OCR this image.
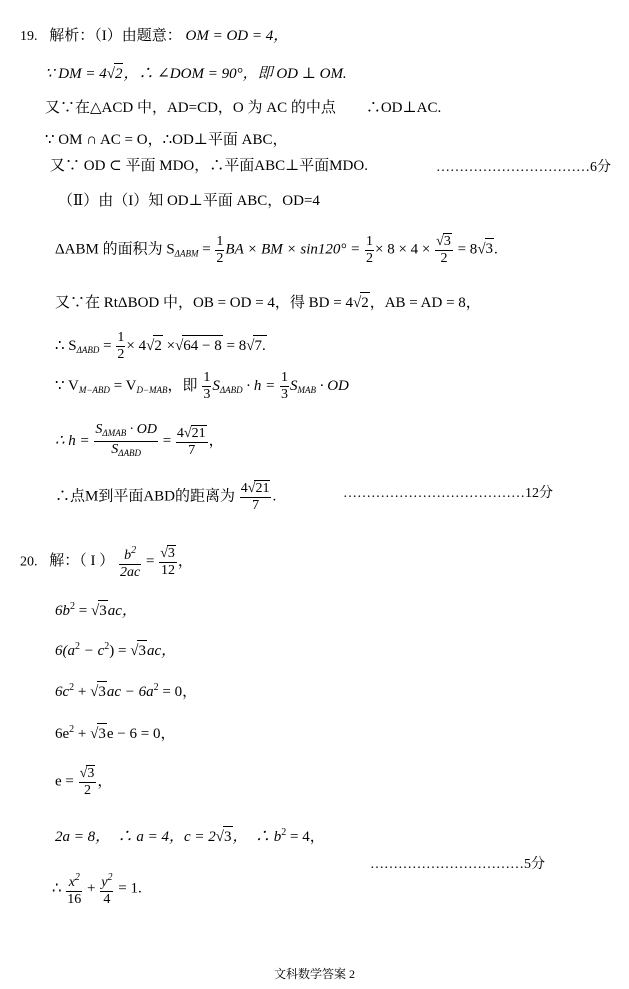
19. 解析：（I）由题意： OM = OD = 4，
∵ DM = 4√2，∴ ∠DOM = 90°，即 OD ⊥ OM.
又∵在△ACD 中，AD=CD，O 为 AC 的中点　　∴OD⊥AC.
∵ OM ∩ AC = O，∴OD⊥平面 ABC，
又∵ OD ⊂ 平面 MDO，∴平面ABC⊥平面MDO.	……………………………6分
（Ⅱ）由（I）知 OD⊥平面 ABC，OD=4
ΔABM 的面积为 $S_{\Delta ABM} = \frac{1}{2}$ BA × BM × $\sin 120^\circ = \frac{1}{2} \times 8 \times 4 \times \frac{√3}{2} = 8√3$.
又∵在 RtΔBOD 中，OB = OD = 4，得 BD = 4√2，AB = AD = 8，
∴ $S_{\Delta ABD} = \frac{1}{2} \times 4√2 \times√64 - 8 = 8√7$.
∵ $V_{M-ABD} = V_{D-MAB}$，即 $\frac{1}{3} S_{\Delta ABD} \cdot h = \frac{1}{3} S_{MAB}$ · OD
∴ $h = \frac{S_{\Delta MAB} \cdot OD}{S_{\Delta ABD}} = \frac{4√21}{7}$ ，
∴点M到平面ABD的距离为 $\frac{4√21}{7}$ .	…………………………………12分
20. 解：（ I ） $\frac{b^2}{2ac} = \frac{√3}{12}$ ，
$6b^2 = √3ac$，
$6(a^2 - c^2) = √3ac$，
$6c^2 + √3ac - 6a^2 = 0$，
$6e^2 + √3e - 6 = 0$，
$e = \frac{√3}{2}$ ，
2a = 8，　∴ a = 4，c = 2√3，　∴ $b^2 = 4$，
……………………………5分
∴ $\frac{x^2}{16} + \frac{y^2}{4} = 1$.
文科数学答案 2
